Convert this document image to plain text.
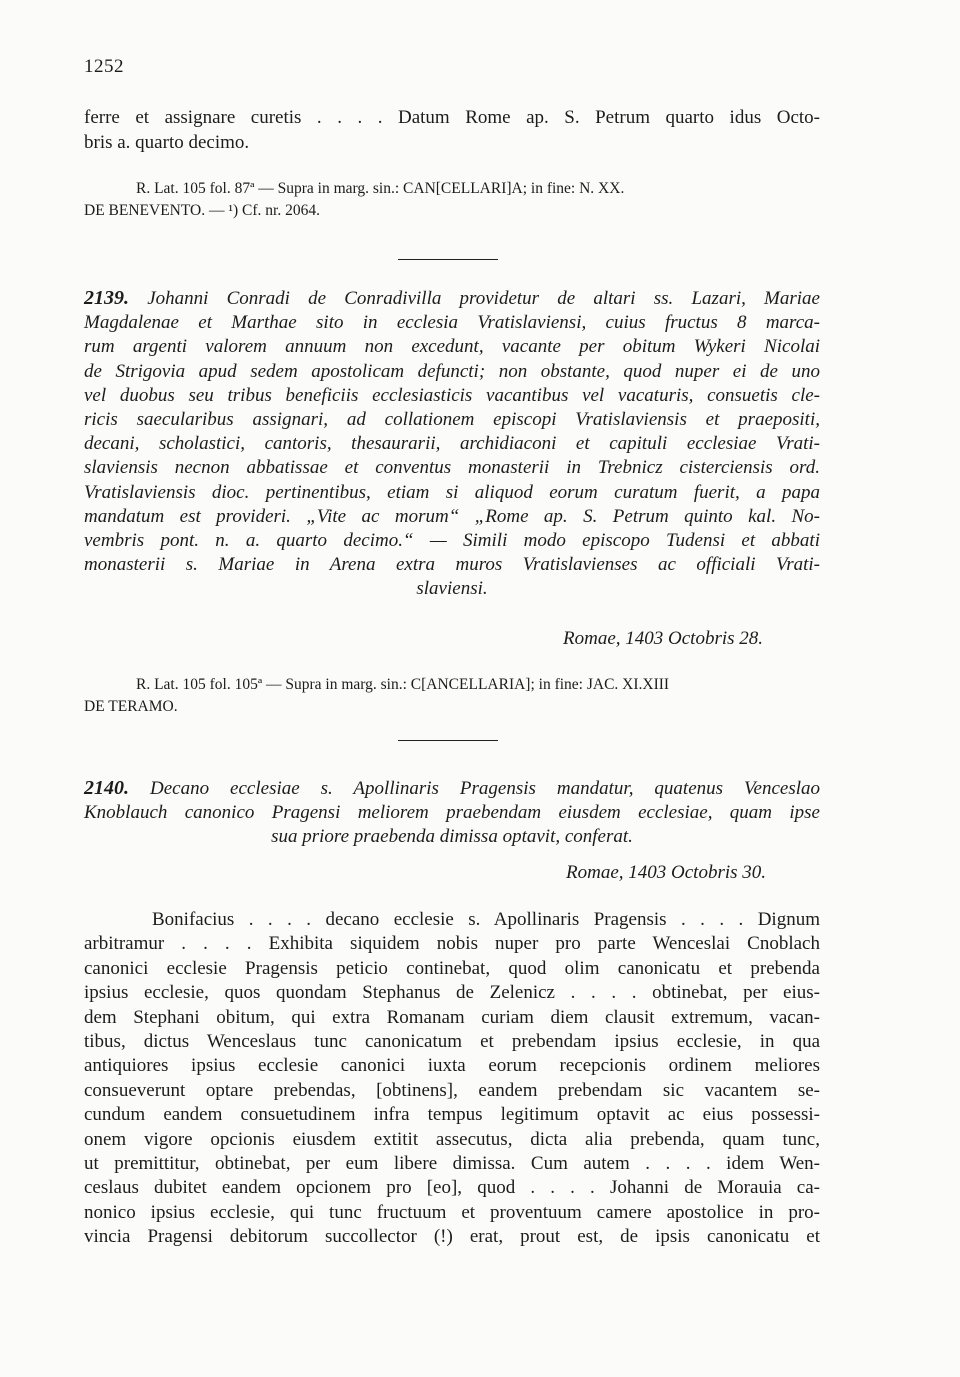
1252
ferre et assignare curetis . . . . Datum Rome ap. S. Petrum quarto idus Octo-
bris a. quarto decimo.
R. Lat. 105 fol. 87ª — Supra in marg. sin.: CAN[CELLARI]A; in fine: N. XX.
DE BENEVENTO. — ¹) Cf. nr. 2064.
2139. Johanni Conradi de Conradivilla providetur de altari ss. Lazari, Mariae
Magdalenae et Marthae sito in ecclesia Vratislaviensi, cuius fructus 8 marca-
rum argenti valorem annuum non excedunt, vacante per obitum Wykeri Nicolai
de Strigovia apud sedem apostolicam defuncti; non obstante, quod nuper ei de uno
vel duobus seu tribus beneficiis ecclesiasticis vacantibus vel vacaturis, consuetis cle-
ricis saecularibus assignari, ad collationem episcopi Vratislaviensis et praepositi,
decani, scholastici, cantoris, thesaurarii, archidiaconi et capituli ecclesiae Vrati-
slaviensis necnon abbatissae et conventus monasterii in Trebnicz cisterciensis ord.
Vratislaviensis dioc. pertinentibus, etiam si aliquod eorum curatum fuerit, a papa
mandatum est provideri. „Vite ac morum“ „Rome ap. S. Petrum quinto kal. No-
vembris pont. n. a. quarto decimo.“ — Simili modo episcopo Tudensi et abbati
monasterii s. Mariae in Arena extra muros Vratislavienses ac officiali Vrati-
slaviensi.
Romae, 1403 Octobris 28.
R. Lat. 105 fol. 105ª — Supra in marg. sin.: C[ANCELLARIA]; in fine: JAC. XI.XIII
DE TERAMO.
2140. Decano ecclesiae s. Apollinaris Pragensis mandatur, quatenus Venceslao
Knoblauch canonico Pragensi meliorem praebendam eiusdem ecclesiae, quam ipse
sua priore praebenda dimissa optavit, conferat.
Romae, 1403 Octobris 30.
Bonifacius . . . . decano ecclesie s. Apollinaris Pragensis . . . . Dignum
arbitramur . . . . Exhibita siquidem nobis nuper pro parte Wenceslai Cnoblach
canonici ecclesie Pragensis peticio continebat, quod olim canonicatu et prebenda
ipsius ecclesie, quos quondam Stephanus de Zelenicz . . . . obtinebat, per eius-
dem Stephani obitum, qui extra Romanam curiam diem clausit extremum, vacan-
tibus, dictus Wenceslaus tunc canonicatum et prebendam ipsius ecclesie, in qua
antiquiores ipsius ecclesie canonici iuxta eorum recepcionis ordinem meliores
consueverunt optare prebendas, [obtinens], eandem prebendam sic vacantem se-
cundum eandem consuetudinem infra tempus legitimum optavit ac eius possessi-
onem vigore opcionis eiusdem extitit assecutus, dicta alia prebenda, quam tunc,
ut premittitur, obtinebat, per eum libere dimissa. Cum autem . . . . idem Wen-
ceslaus dubitet eandem opcionem pro [eo], quod . . . . Johanni de Morauia ca-
nonico ipsius ecclesie, qui tunc fructuum et proventuum camere apostolice in pro-
vincia Pragensi debitorum succollector (!) erat, prout est, de ipsis canonicatu et
